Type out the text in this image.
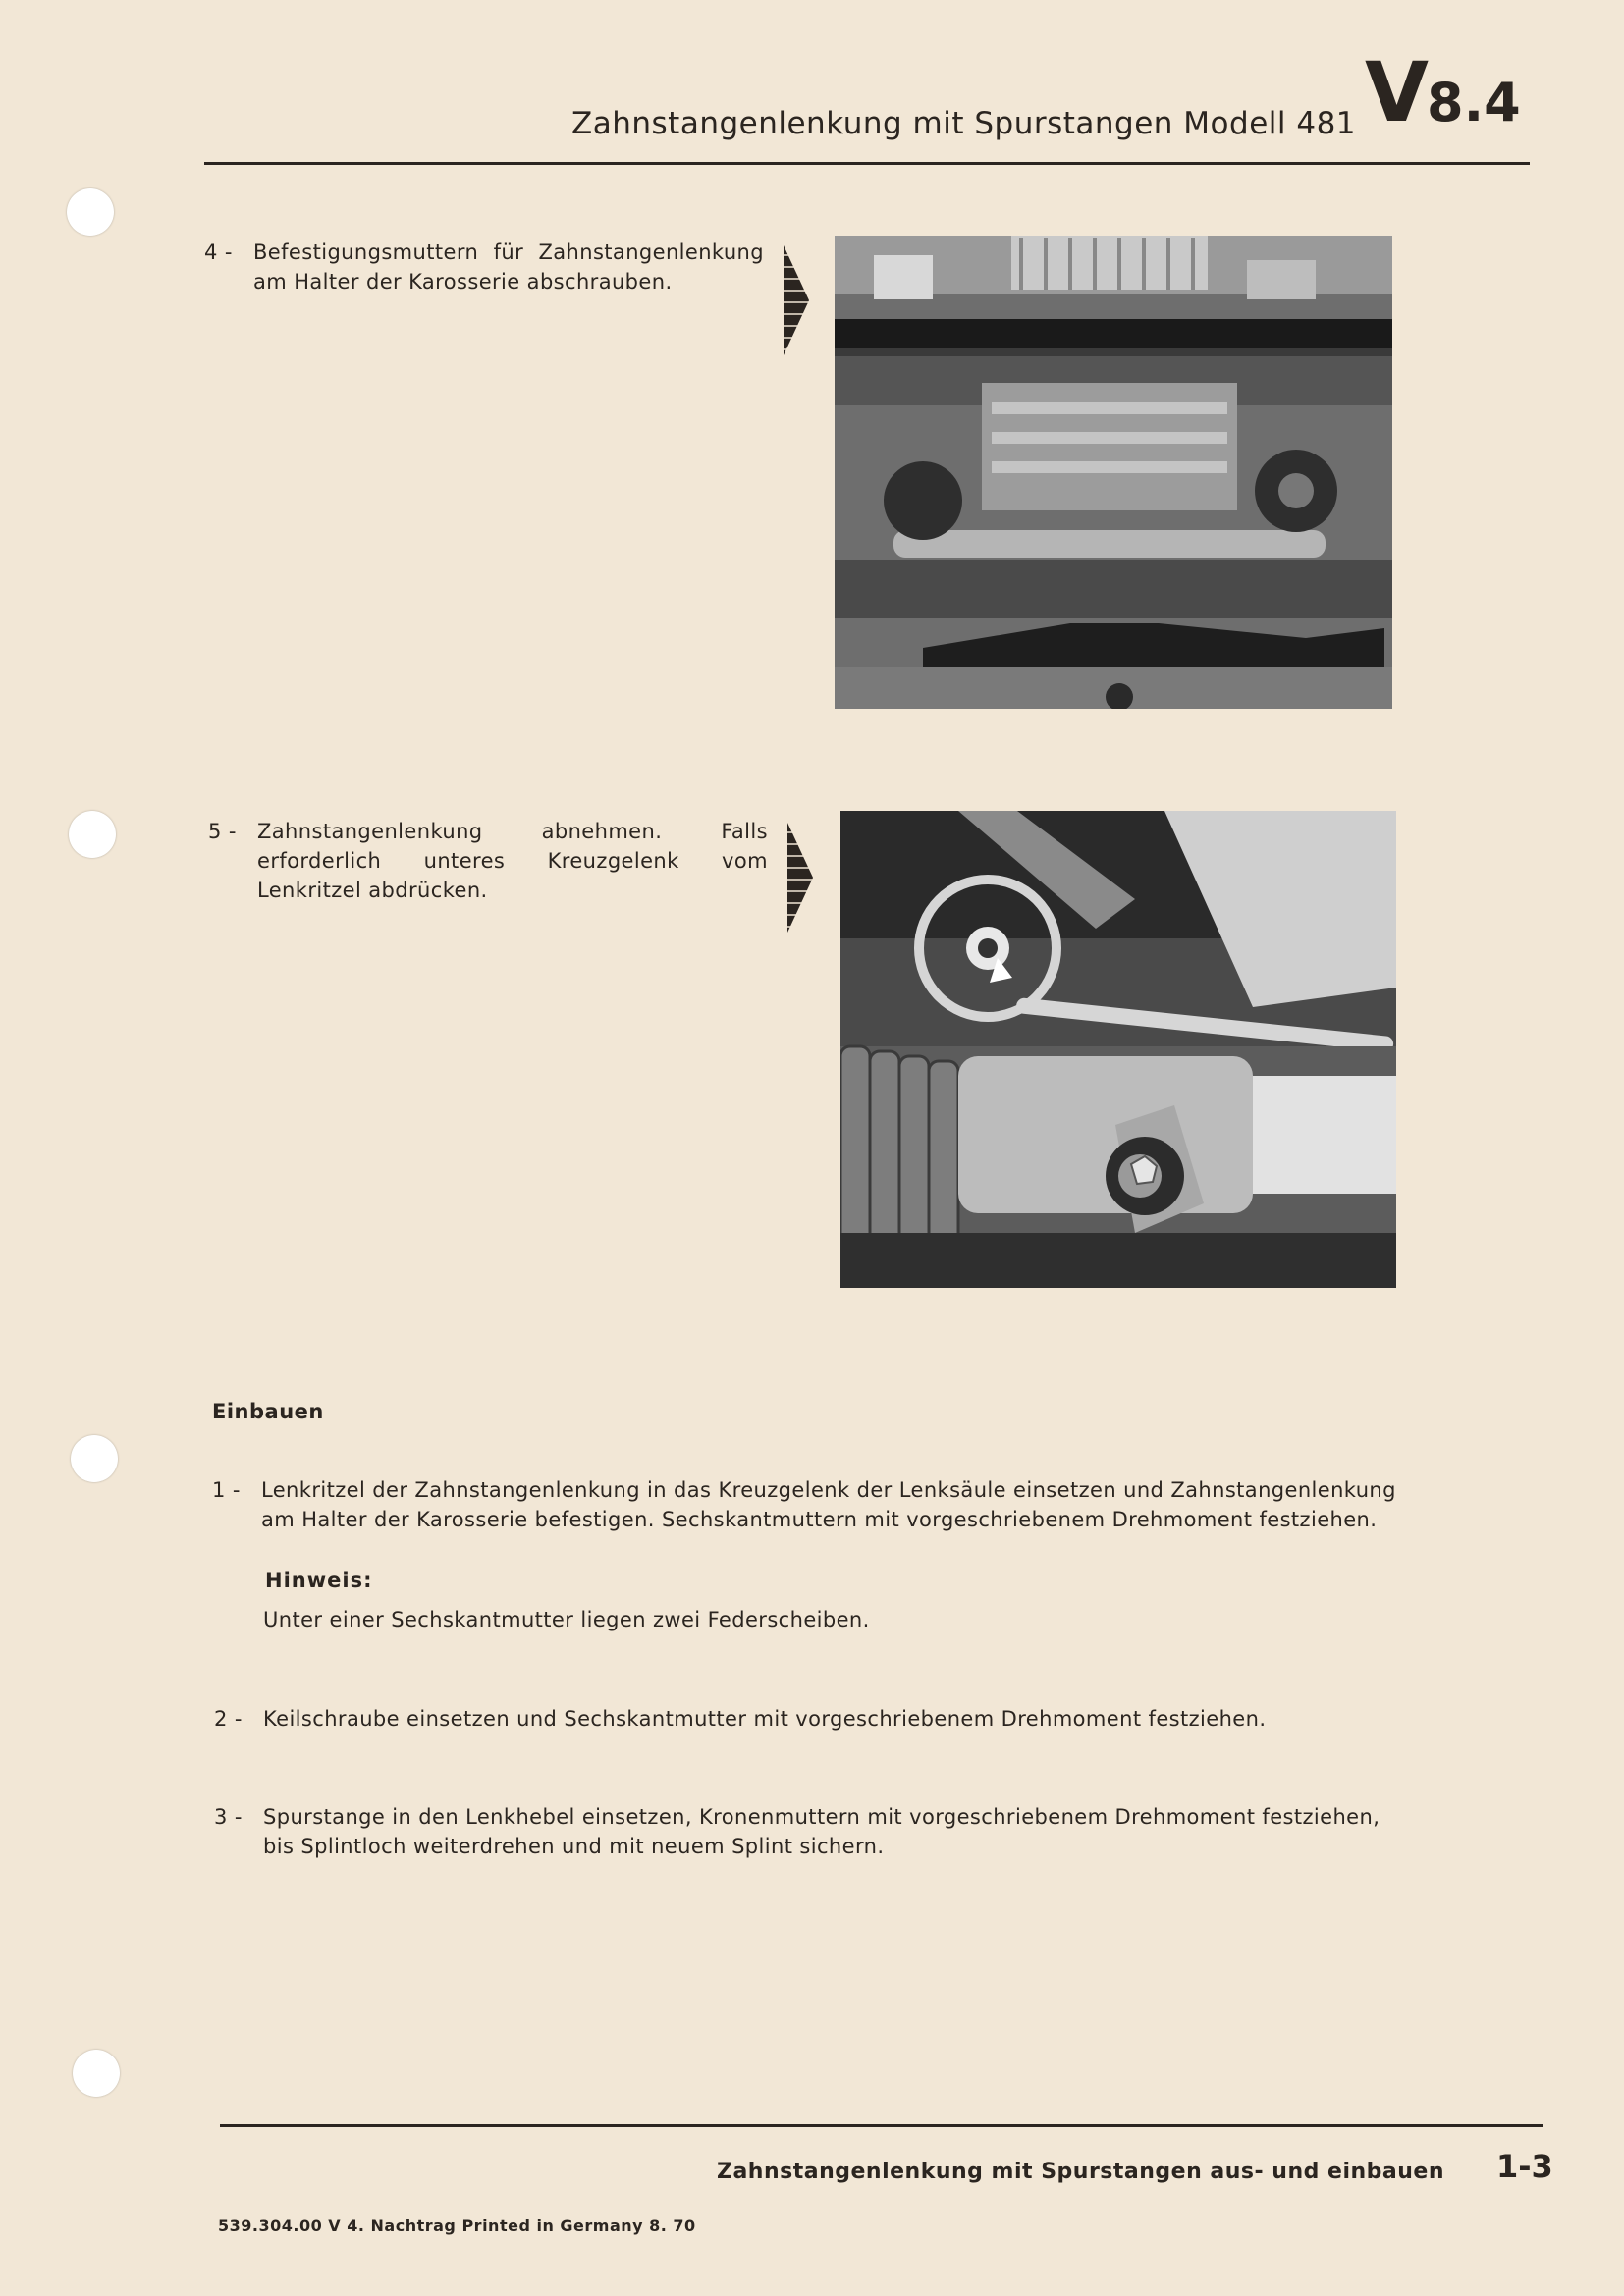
Zahnstangenlenkung mit Spurstangen Modell 481 V8.4
4 - Befestigungsmuttern für Zahnstangenlenkung am Halter der Karosserie abschrauben.
5 - Zahnstangenlenkung abnehmen. Falls erforderlich unteres Kreuzgelenk vom Lenkritzel abdrücken.
Einbauen
1 - Lenkritzel der Zahnstangenlenkung in das Kreuzgelenk der Lenksäule einsetzen und Zahnstangenlenkung
am Halter der Karosserie befestigen. Sechskantmuttern mit vorgeschriebenem Drehmoment festziehen.
Hinweis:
Unter einer Sechskantmutter liegen zwei Federscheiben.
2 - Keilschraube einsetzen und Sechskantmutter mit vorgeschriebenem Drehmoment festziehen.
3 - Spurstange in den Lenkhebel einsetzen, Kronenmuttern mit vorgeschriebenem Drehmoment festziehen,
bis Splintloch weiterdrehen und mit neuem Splint sichern.
Zahnstangenlenkung mit Spurstangen aus- und einbauen 1-3
539.304.00 V 4. Nachtrag Printed in Germany 8. 70
